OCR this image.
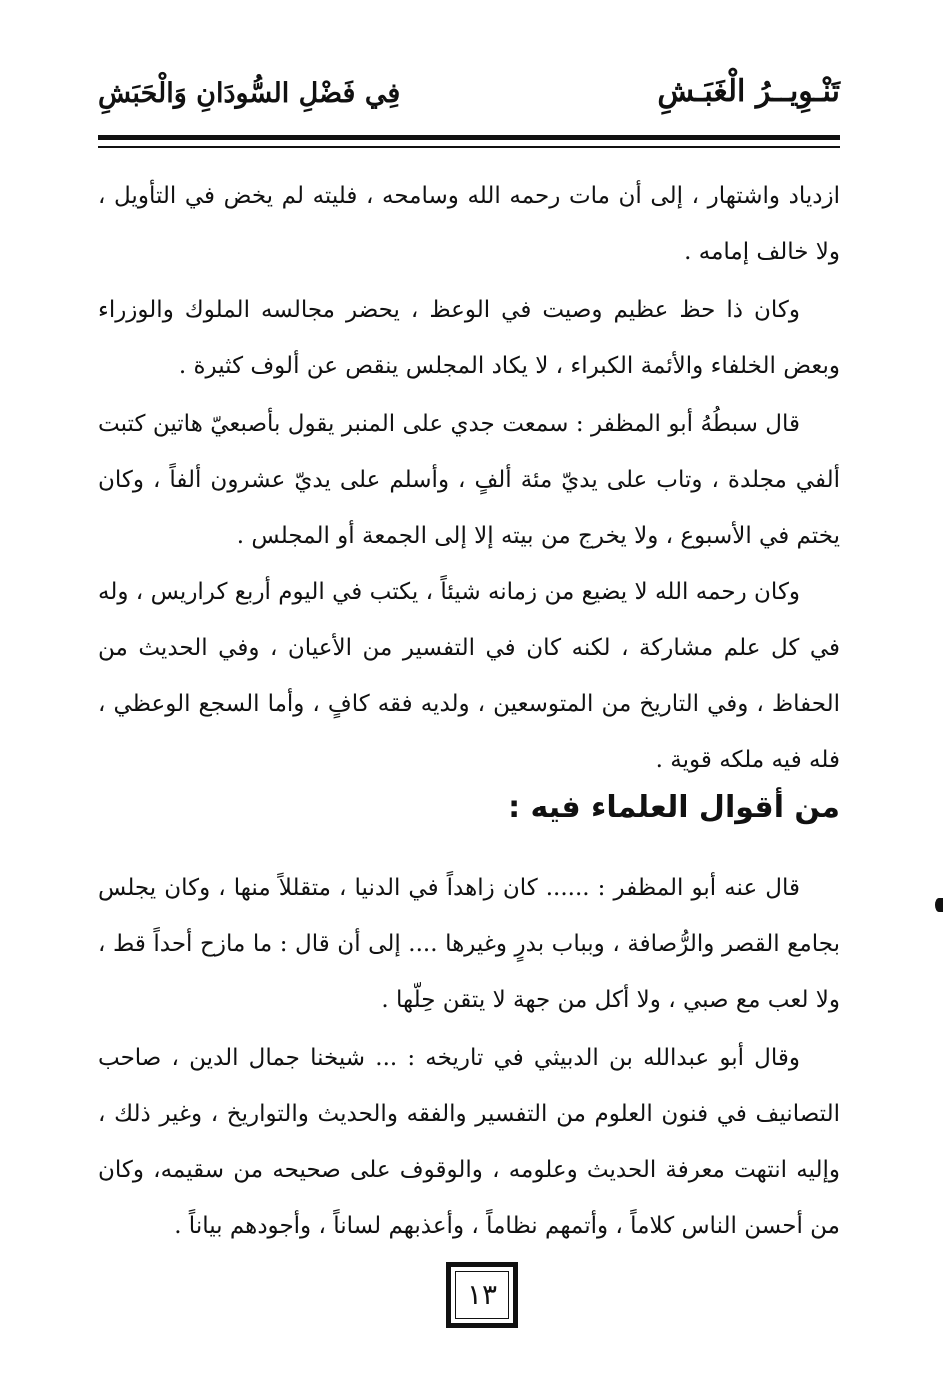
تَنْـوِيــرُ الْغَبَـشِ
فِي فَضْلِ السُّودَانِ وَالْحَبَشِ

ازدياد واشتهار ، إلى أن مات رحمه الله وسامحه ، فليته لم يخض في التأويل ، ولا خالف إمامه .

وكان ذا حظ عظيم وصيت في الوعظ ، يحضر مجالسه الملوك والوزراء وبعض الخلفاء والأئمة الكبراء ، لا يكاد المجلس ينقص عن ألوف كثيرة .

قال سبطُهُ أبو المظفر : سمعت جدي على المنبر يقول بأصبعيّ هاتين كتبت ألفي مجلدة ، وتاب على يديّ مئة ألفٍ ، وأسلم على يديّ عشرون ألفاً ، وكان يختم في الأسبوع ، ولا يخرج من بيته إلا إلى الجمعة أو المجلس .

وكان رحمه الله لا يضيع من زمانه شيئاً ، يكتب في اليوم أربع كراريس ، وله في كل علم مشاركة ، لكنه كان في التفسير من الأعيان ، وفي الحديث من الحفاظ ، وفي التاريخ من المتوسعين ، ولديه فقه كافٍ ، وأما السجع الوعظي ، فله فيه ملكه قوية .

من أقوال العلماء فيه :

قال عنه أبو المظفر : ...... كان زاهداً في الدنيا ، متقللاً منها ، وكان يجلس بجامع القصر والرُّصافة ، وبباب بدرٍ وغيرها .... إلى أن قال : ما مازح أحداً قط ، ولا لعب مع صبي ، ولا أكل من جهة لا يتقن حِلّها .

وقال أبو عبدالله بن الدبيثي في تاريخه : ... شيخنا جمال الدين ، صاحب التصانيف في فنون العلوم من التفسير والفقه والحديث والتواريخ ، وغير ذلك ، وإليه انتهت معرفة الحديث وعلومه ، والوقوف على صحيحه من سقيمه، وكان من أحسن الناس كلاماً ، وأتمهم نظاماً ، وأعذبهم لساناً ، وأجودهم بياناً .

١٣
